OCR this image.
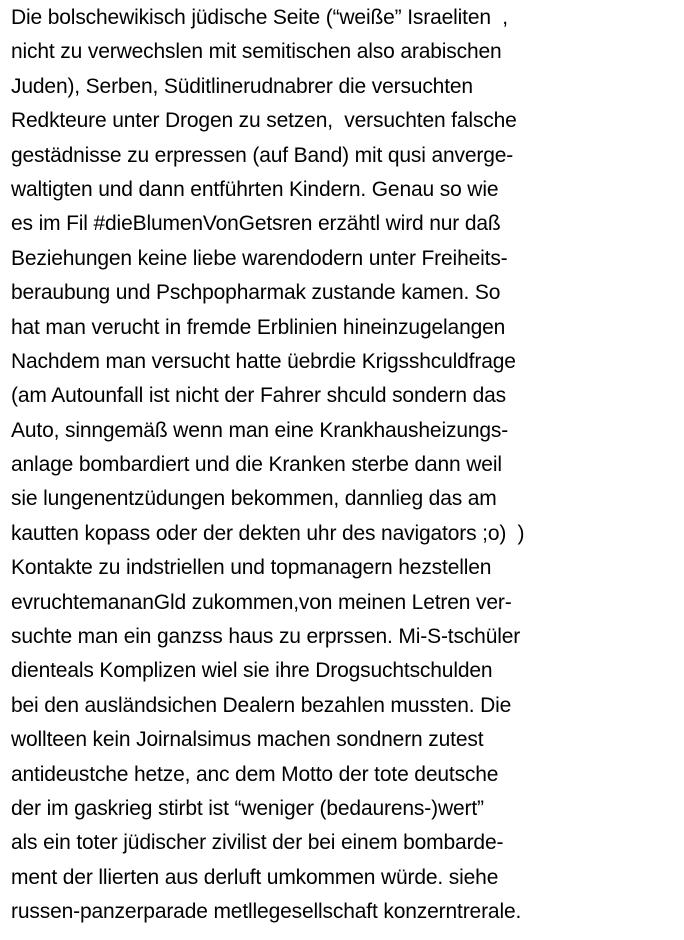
Die bolschewikisch jüdische Seite (“weiße” Israeliten  ,
nicht zu verwechslen mit semitischen also arabischen
Juden), Serben, Süditlinerudnabrer die versuchten
Redkteure unter Drogen zu setzen,  versuchten falsche
gestädnisse zu erpressen (auf Band) mit qusi anverge-
waltigten und dann entführten Kindern. Genau so wie
es im Fil #dieBlumenVonGetsren erzähtl wird nur daß
Beziehungen keine liebe warendodern unter Freiheits-
beraubung und Pschpopharmak zustande kamen. So
hat man verucht in fremde Erblinien hineinzugelangen
Nachdem man versucht hatte üebrdie Krigsshculdfrage
(am Autounfall ist nicht der Fahrer shculd sondern das
Auto, sinngemäß wenn man eine Krankhausheizungs-
anlage bombardiert und die Kranken sterbe dann weil
sie lungenentzüdungen bekommen, dannlieg das am
kautten kopass oder der dekten uhr des navigators ;o)  )
Kontakte zu indstriellen und topmanagern hezstellen
evruchtemananGld zukommen,von meinen Letren ver-
suchte man ein ganzss haus zu erprssen. Mi-S-tschüler
dienteals Komplizen wiel sie ihre Drogsuchtschulden
bei den ausländsichen Dealern bezahlen mussten. Die
wollteen kein Joirnalsimus machen sondnern zutest
antideustche hetze, anc dem Motto der tote deutsche
der im gaskrieg stirbt ist “weniger (bedaurens-)wert”
als ein toter jüdischer zivilist der bei einem bombarde-
ment der llierten aus derluft umkommen würde. siehe
russen-panzerparade metllegesellschaft konzerntrerale.
